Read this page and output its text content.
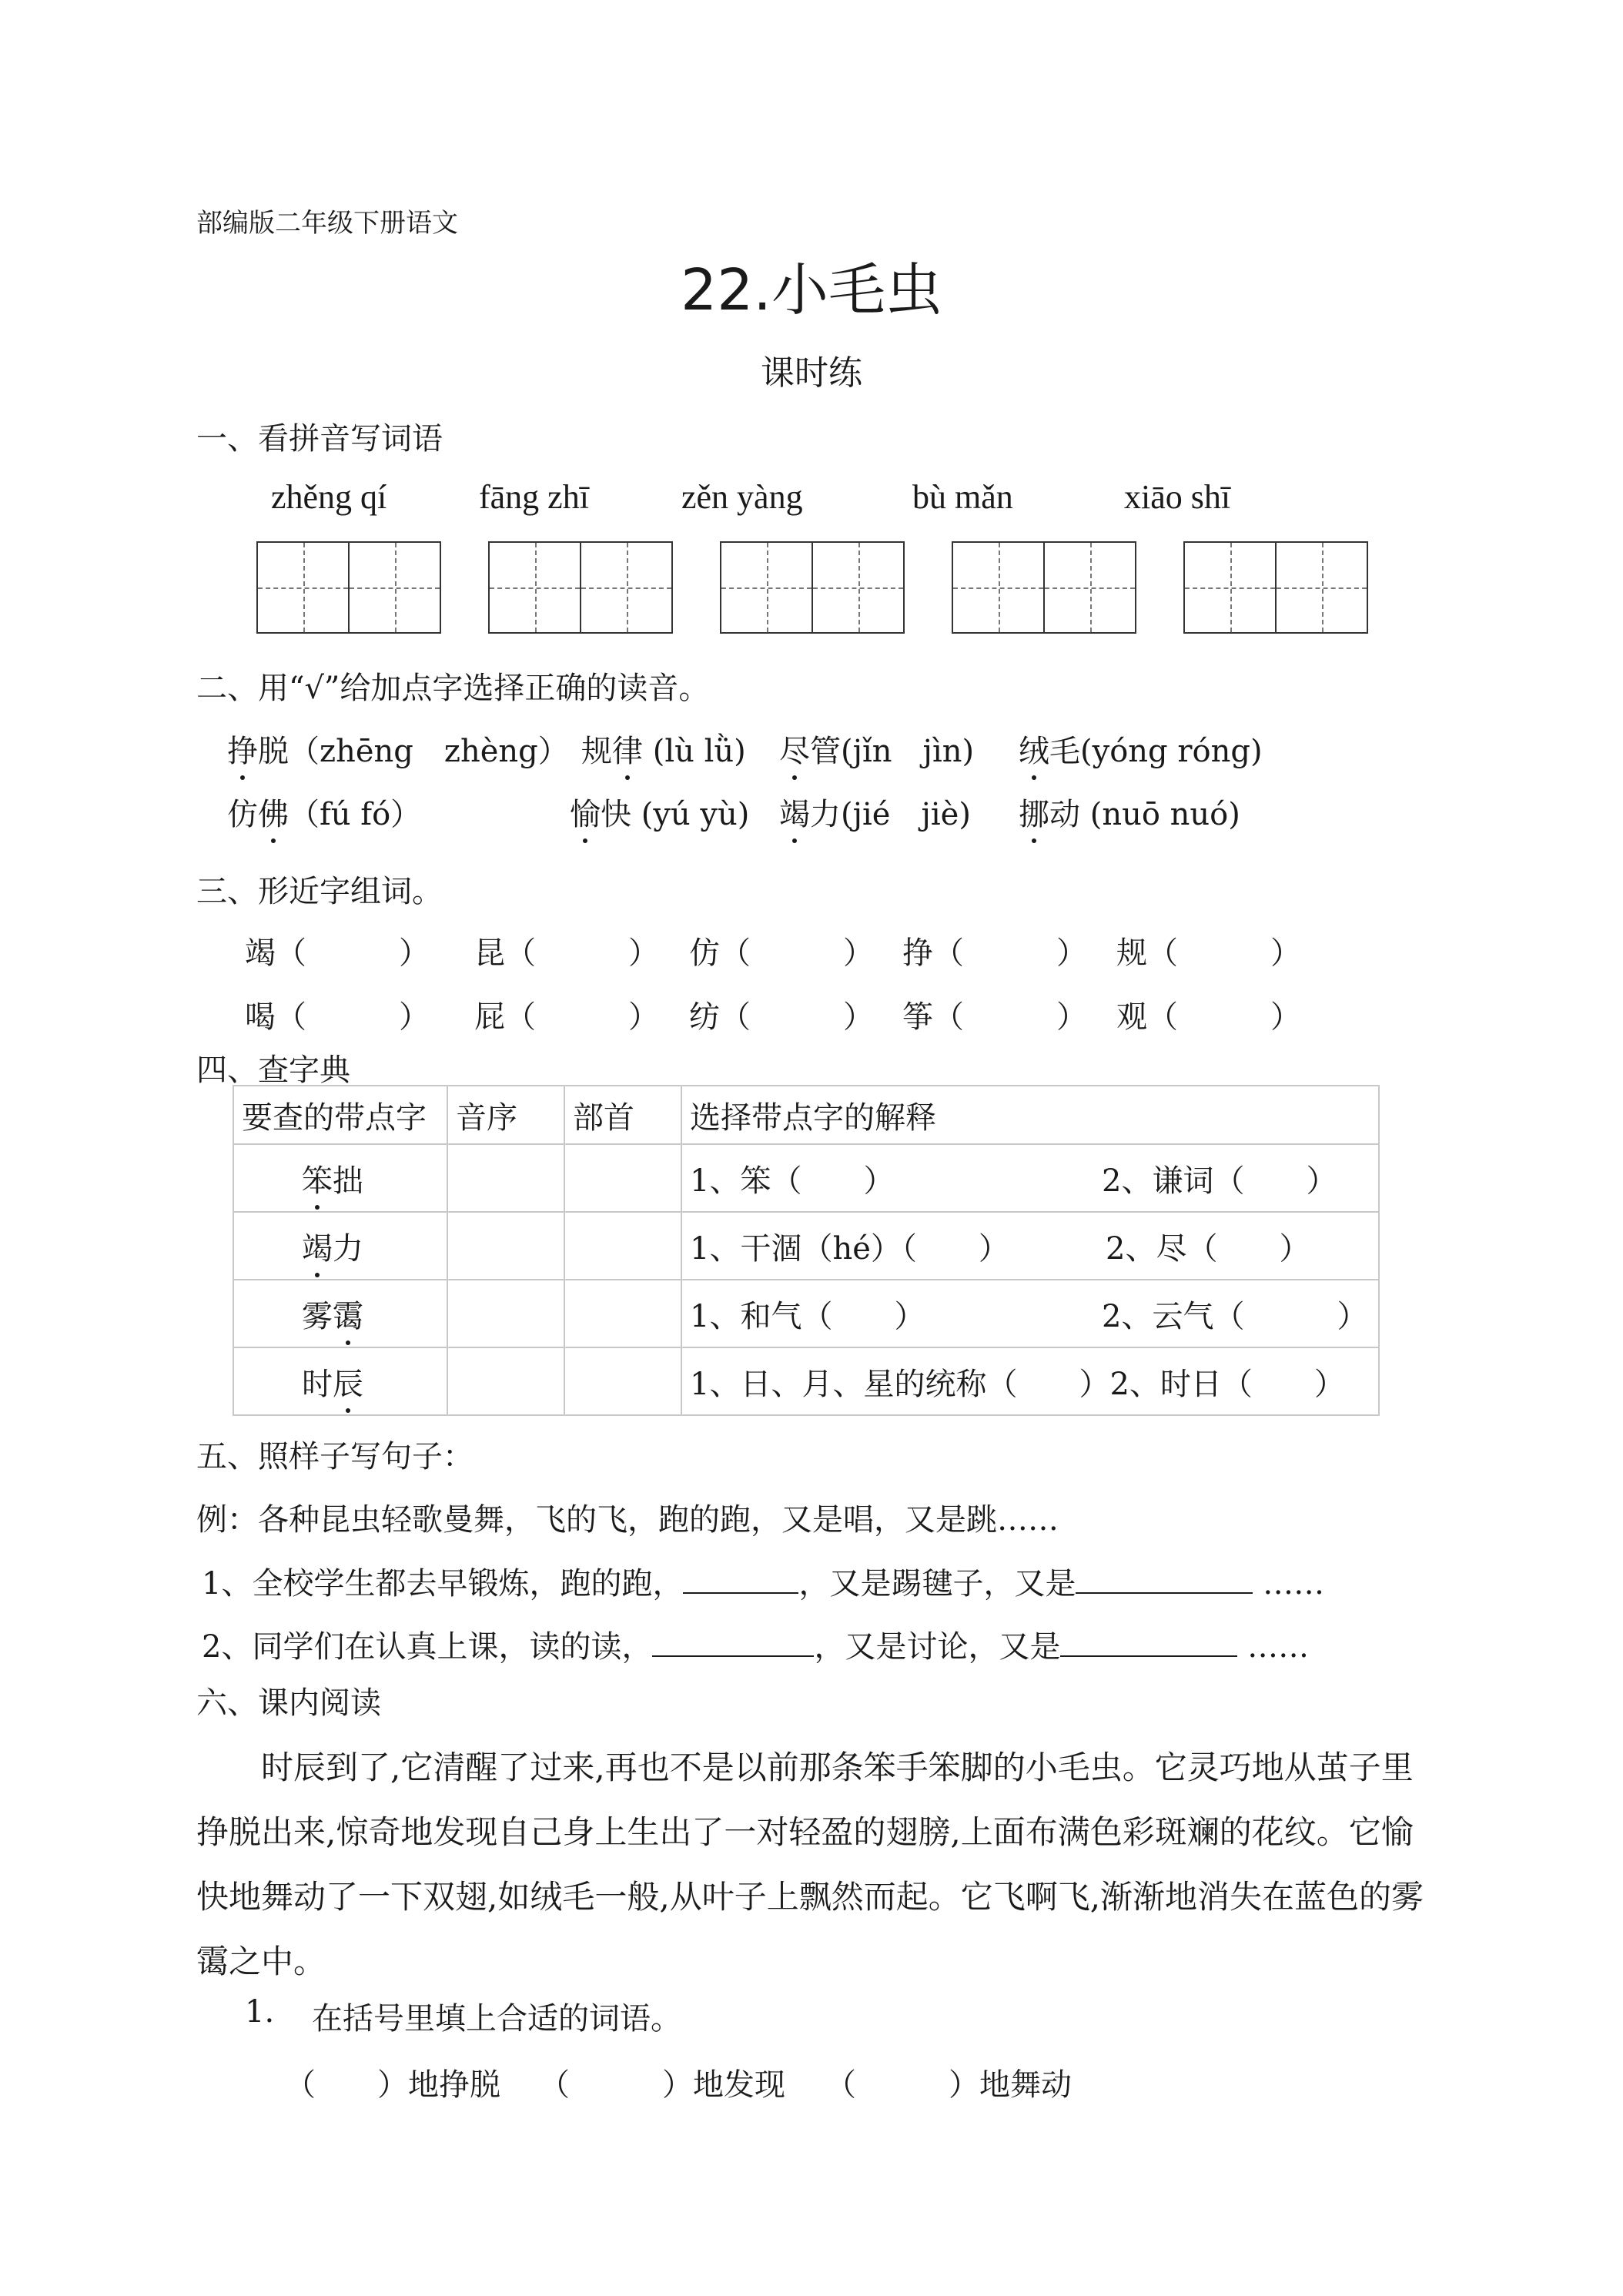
部编版二年级下册语文
22.小毛虫
课时练
一、看拼音写词语
zhěng qí	fāng zhī	zěn yàng	bù mǎn	xiāo shī
二、用“√”给加点字选择正确的读音。
挣脱（zhēng　zhèng） 规律 (lù lǜ) 尽管(jǐn　jìn) 绒毛(yóng róng)
仿佛（fú fó）	愉快 (yú yù) 竭力(jié　jiè) 挪动 (nuō nuó)
三、形近字组词。
竭（　　　） 昆（　　　） 仿（　　　） 挣（　　　） 规（　　　）
喝（　　　） 屁（　　　） 纺（　　　） 筝（　　　） 观（　　　）
四、查字典
要查的带点字	音序	部首	选择带点字的解释
笨拙			1、笨（　　） 2、谦词（　　）
竭力			1、干涸（hé）（　　） 2、尽（　　）
雾霭			1、和气（　　） 2、云气（　　　）
时辰			1、日、月、星的统称（　　）2、时日（　　）
五、照样子写句子：
例：各种昆虫轻歌曼舞，飞的飞，跑的跑，又是唱，又是跳……
1、全校学生都去早锻炼，跑的跑，	，又是踢毽子，又是	……
2、同学们在认真上课，读的读，	，又是讨论，又是	……
六、课内阅读
时辰到了,它清醒了过来,再也不是以前那条笨手笨脚的小毛虫。它灵巧地从茧子里挣脱出来,惊奇地发现自己身上生出了一对轻盈的翅膀,上面布满色彩斑斓的花纹。它愉快地舞动了一下双翅,如绒毛一般,从叶子上飘然而起。它飞啊飞,渐渐地消失在蓝色的雾霭之中。
1. 在括号里填上合适的词语。
（　　）地挣脱 （　　　）地发现 （　　　）地舞动
